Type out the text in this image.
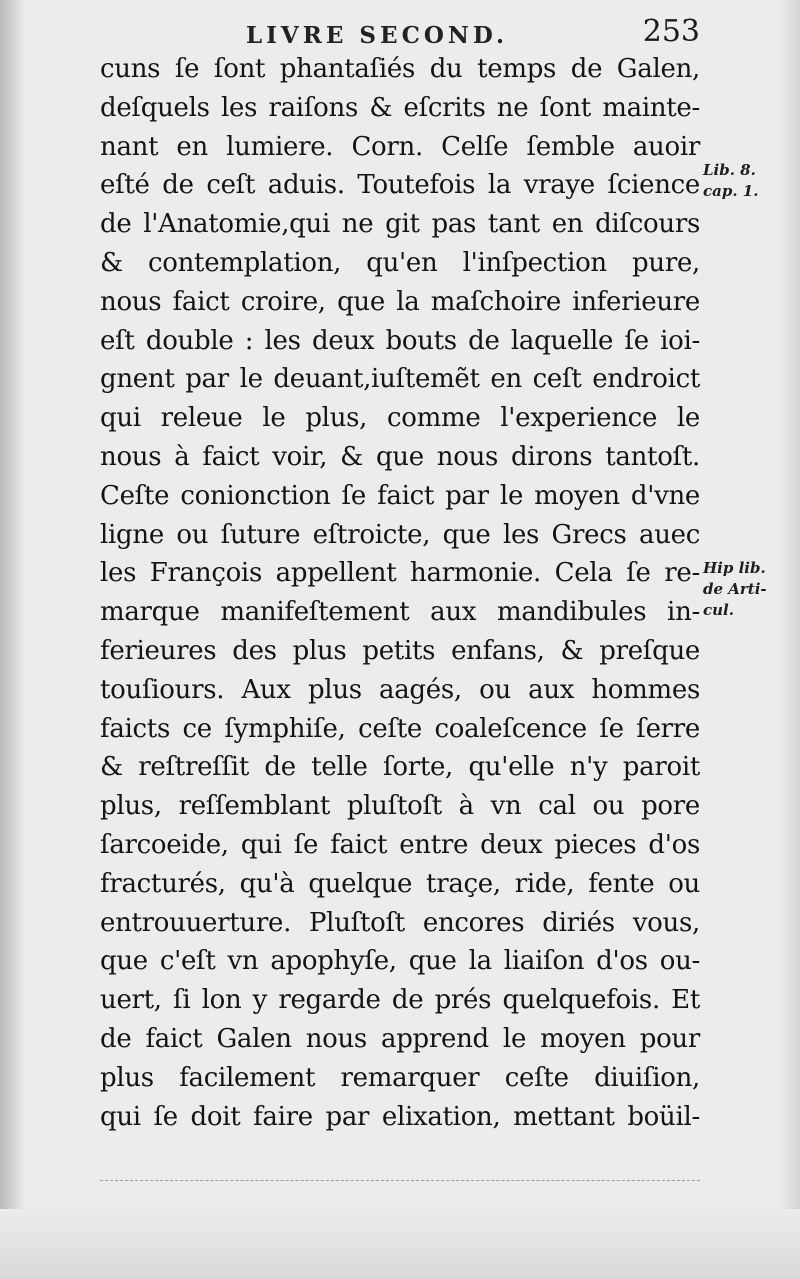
LIVRE SECOND.	253
cuns ſe ſont phantaſiés du temps de Galen,
deſquels les raiſons & eſcrits ne ſont mainte-
nant en lumiere. Corn. Celſe ſemble auoir
eſté de ceſt aduis. Toutefois la vraye ſcience
de l'Anatomie,qui ne git pas tant en diſcours
& contemplation, qu'en l'inſpection pure,
nous faict croire, que la maſchoire inferieure
eſt double : les deux bouts de laquelle ſe ioi-
gnent par le deuant,iuſtemẽt en ceſt endroict
qui releue le plus, comme l'experience le
nous à faict voir, & que nous dirons tantoſt.
Ceſte conionction ſe faict par le moyen d'vne
ligne ou ſuture eſtroicte, que les Grecs auec
les François appellent harmonie. Cela ſe re-
marque manifeſtement aux mandibules in-
ferieures des plus petits enfans, & preſque
touſiours. Aux plus aagés, ou aux hommes
faicts ce ſymphiſe, ceſte coaleſcence ſe ſerre
& reſtreſſit de telle ſorte, qu'elle n'y paroit
plus, reſſemblant pluſtoſt à vn cal ou pore
ſarcoeide, qui ſe faict entre deux pieces d'os
fracturés, qu'à quelque traçe, ride, fente ou
entrouuerture. Pluſtoſt encores diriés vous,
que c'eſt vn apophyſe, que la liaiſon d'os ou-
uert, ſi lon y regarde de prés quelquefois. Et
de faict Galen nous apprend le moyen pour
plus facilement remarquer ceſte diuiſion,
qui ſe doit faire par elixation, mettant boüil-
Lib. 8.
cap. 1.
Hip lib.
de Arti-
cul.
